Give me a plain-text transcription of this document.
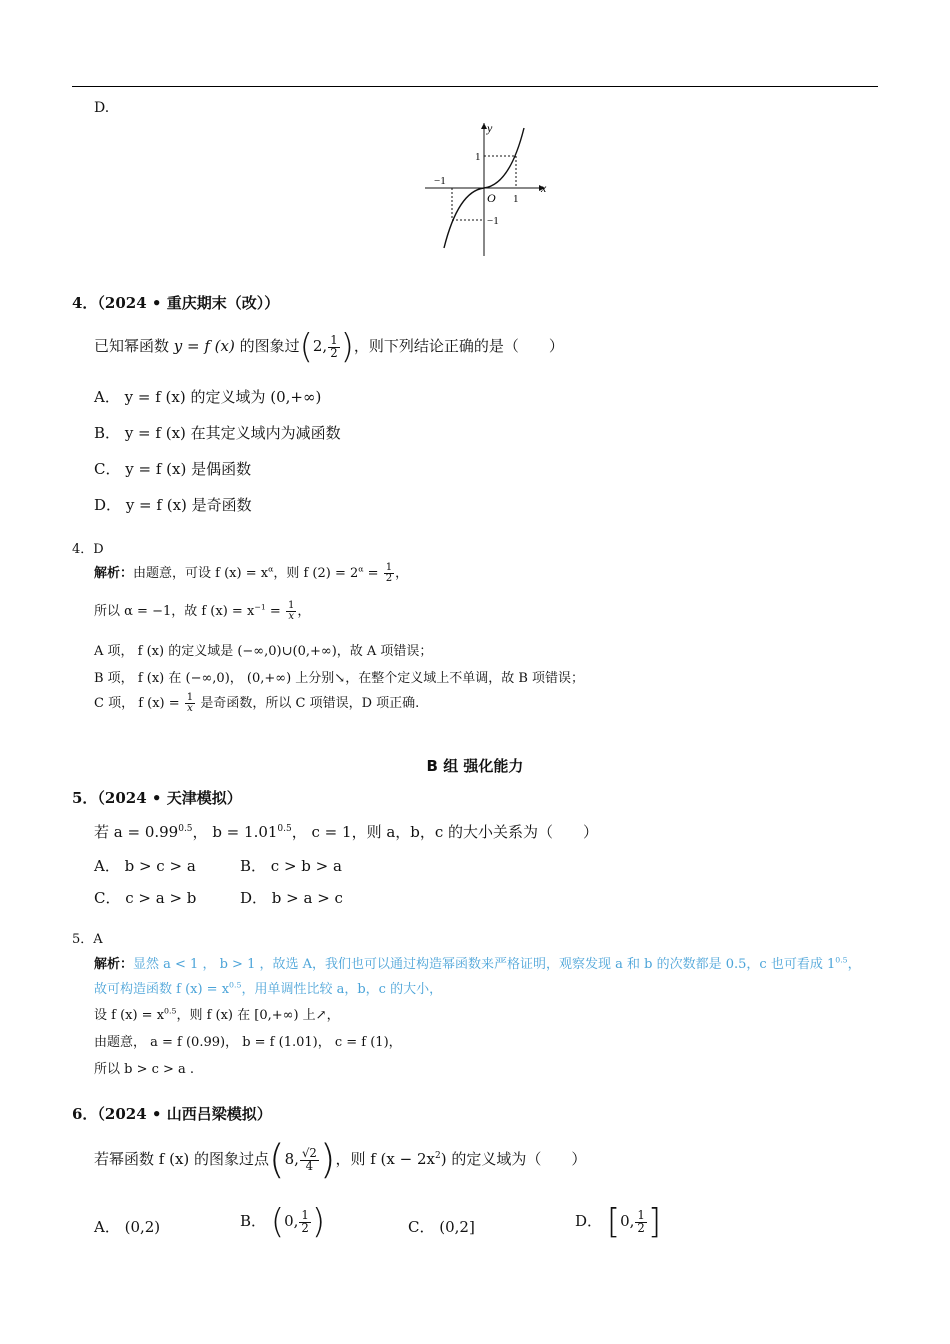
D.
y
x
O
1
−1
1
−1
4．（2024 • 重庆期末（改））
已知幂函数 y = f (x) 的图象过(2, $\frac{1}{2}$ )，则下列结论正确的是（　　）
A． y = f (x) 的定义域为 (0,+∞)
B． y = f (x) 在其定义域内为减函数
C． y = f (x) 是偶函数
D． y = f (x) 是奇函数
4．D
解析：由题意，可设 f $(x) = x^\alpha$，则 f $(2) = 2^\alpha = \frac{1}{2}$ ，
所以 α = −1，故 f $(x) = x^{-1} = \frac{1}{x}$ ，
A 项， f (x) 的定义域是 (−∞,0)∪(0,+∞)，故 A 项错误；
B 项， f (x) 在 (−∞,0)， (0,+∞) 上分别↘，在整个定义域上不单调，故 B 项错误；
C 项， f $(x) = \frac{1}{x}$ 是奇函数，所以 C 项错误，D 项正确.
B 组 强化能力
5．（2024 • 天津模拟）
若 $a = 0.99^{0.5}$， $b = 1.01^{0.5}$， c = 1，则 a，b，c 的大小关系为（　　）
A． b > c > a	B． c > b > a
C． c > a > b	D． b > a > c
5．A
解析：显然 a < 1 ， b > 1 ，故选 A，我们也可以通过构造幂函数来严格证明，观察发现 a 和 b 的次数都是 0.5，c 也可看成 $1^{0.5}$，
故可构造函数 f $(x) = x^{0.5}$，用单调性比较 a，b，c 的大小，
设 f $(x) = x^{0.5}$，则 f (x) 在 [0,+∞) 上↗，
由题意， a = f (0.99)， b = f (1.01)， c = f (1)，
所以 b > c > a .
6．（2024 • 山西吕梁模拟）
若幂函数 f (x) 的图象过点(8, $\frac{√2}{4}$ )，则 f $(x - 2x^2)$ 的定义域为（　　）
A． (0,2)	B． (0, $\frac{1}{2}$ )	C． (0,2]	D． [0, $\frac{1}{2}$ ]
